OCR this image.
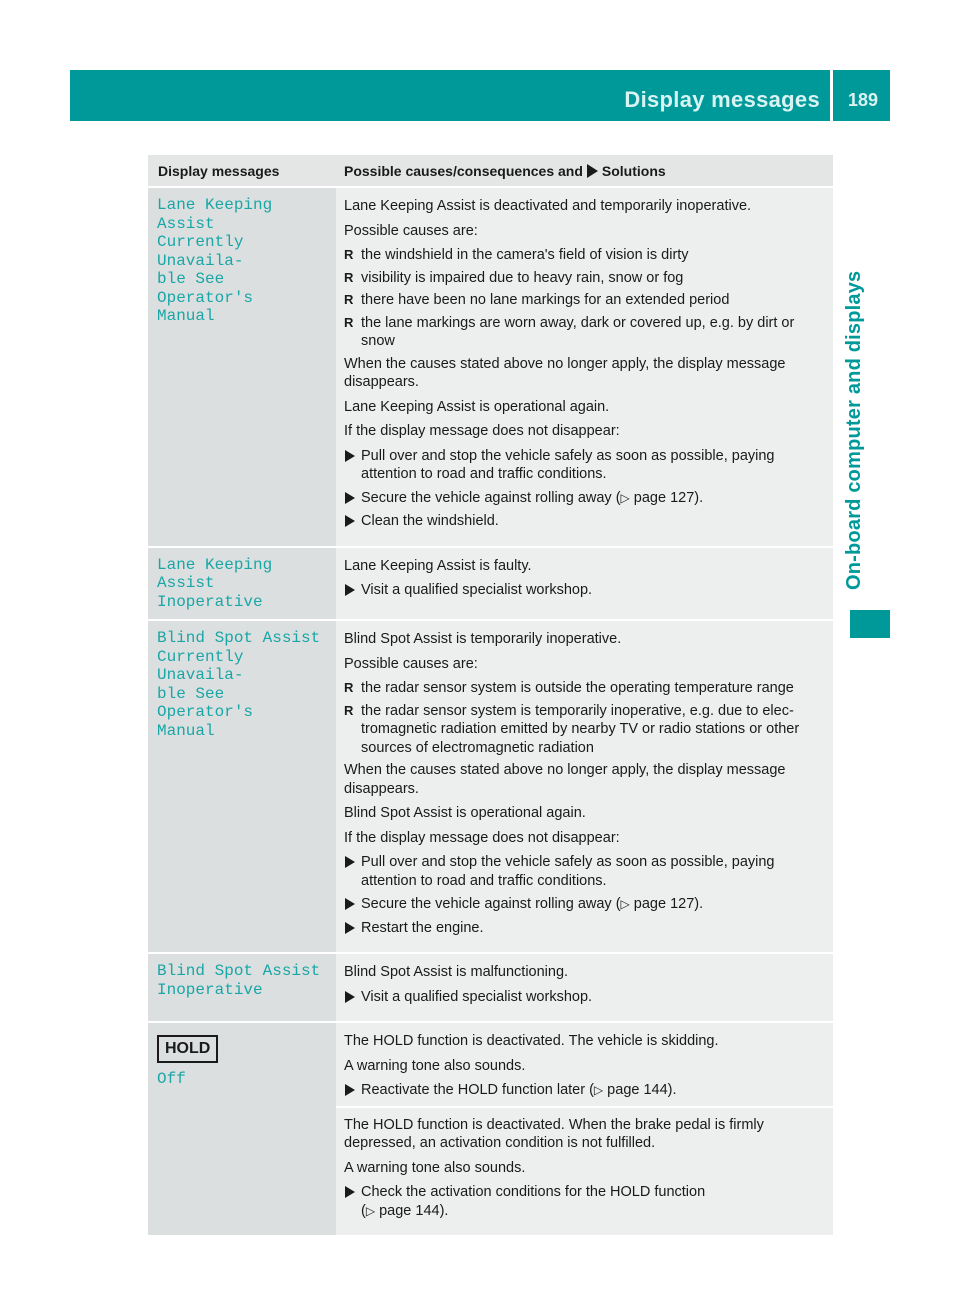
Display messages	189
On-board computer and displays
Display messages	Possible causes/consequences and Solutions
Lane Keeping Assist
Currently Unavaila‐
ble See Operator's
Manual
Lane Keeping Assist is deactivated and temporarily inoperative.
Possible causes are:
R the windshield in the camera's field of vision is dirty
R visibility is impaired due to heavy rain, snow or fog
R there have been no lane markings for an extended period
R the lane markings are worn away, dark or covered up, e.g. by dirt or snow
When the causes stated above no longer apply, the display message disappears.
Lane Keeping Assist is operational again.
If the display message does not disappear:
Pull over and stop the vehicle safely as soon as possible, paying attention to road and traffic conditions.
Secure the vehicle against rolling away (▷ page 127).
Clean the windshield.
Lane Keeping Assist
Inoperative
Lane Keeping Assist is faulty.
Visit a qualified specialist workshop.
Blind Spot Assist
Currently Unavaila‐
ble See Operator's
Manual
Blind Spot Assist is temporarily inoperative.
Possible causes are:
R the radar sensor system is outside the operating temperature range
R the radar sensor system is temporarily inoperative, e.g. due to elec- tromagnetic radiation emitted by nearby TV or radio stations or other sources of electromagnetic radiation
When the causes stated above no longer apply, the display message disappears.
Blind Spot Assist is operational again.
If the display message does not disappear:
Pull over and stop the vehicle safely as soon as possible, paying attention to road and traffic conditions.
Secure the vehicle against rolling away (▷ page 127).
Restart the engine.
Blind Spot Assist
Inoperative
Blind Spot Assist is malfunctioning.
Visit a qualified specialist workshop.
HOLD
Off
The HOLD function is deactivated. The vehicle is skidding.
A warning tone also sounds.
Reactivate the HOLD function later (▷ page 144).
The HOLD function is deactivated. When the brake pedal is firmly depressed, an activation condition is not fulfilled.
A warning tone also sounds.
Check the activation conditions for the HOLD function
(▷ page 144).
